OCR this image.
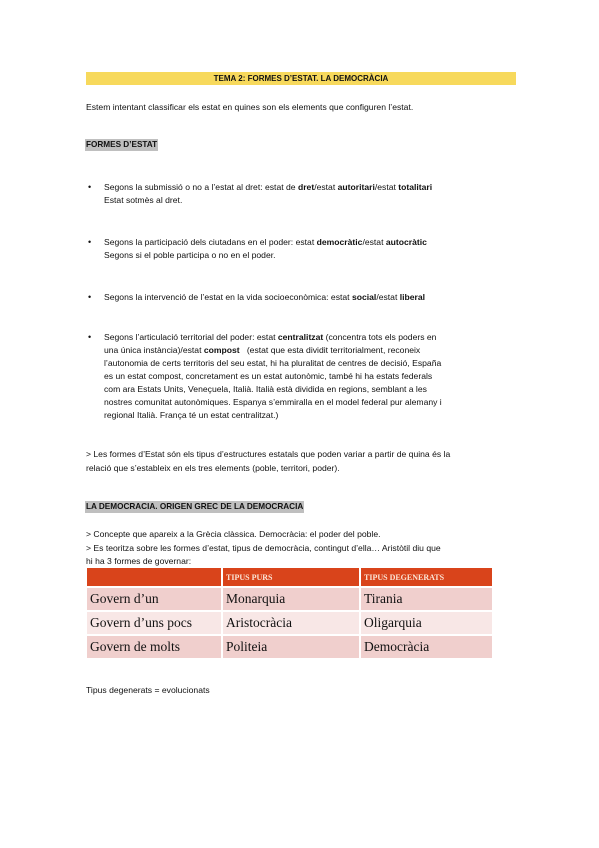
TEMA 2: FORMES D’ESTAT. LA DEMOCRÀCIA
Estem intentant classificar els estat en quines son els elements que configuren l’estat.
FORMES D’ESTAT
• Segons la submissió o no a l’estat al dret: estat de dret/estat autoritari/estat totalitari
Estat sotmès al dret.
• Segons la participació dels ciutadans en el poder: estat democràtic/estat autocràtic
Segons si el poble participa o no en el poder.
• Segons la intervenció de l’estat en la vida socioeconòmica: estat social/estat liberal
• Segons l’articulació territorial del poder: estat centralitzat (concentra tots els poders en
una única instància)/estat compost   (estat que esta dividit territorialment, reconeix
l’autonomia de certs territoris del seu estat, hi ha pluralitat de centres de decisió, España
es un estat compost, concretament es un estat autonòmic, també hi ha estats federals
com ara Estats Units, Veneçuela, Italià. Italià està dividida en regions, semblant a les
nostres comunitat autonòmiques. Espanya s’emmiralla en el model federal pur alemany i
regional Italià. França té un estat centralitzat.)
> Les formes d’Estat són els tipus d’estructures estatals que poden variar a partir de quina és la
relació que s’estableix en els tres elements (poble, territori, poder).
LA DEMOCRACIA. ORIGEN GREC DE LA DEMOCRACIA
> Concepte que apareix a la Grècia clàssica. Democràcia: el poder del poble.
> Es teoritza sobre les formes d’estat, tipus de democràcia, contingut d’ella… Aristòtil diu que
hi ha 3 formes de governar:
	TIPUS PURS	TIPUS DEGENERATS
Govern d’un	Monarquia	Tirania
Govern d’uns pocs	Aristocràcia	Oligarquia
Govern de molts	Politeia	Democràcia
Tipus degenerats = evolucionats
